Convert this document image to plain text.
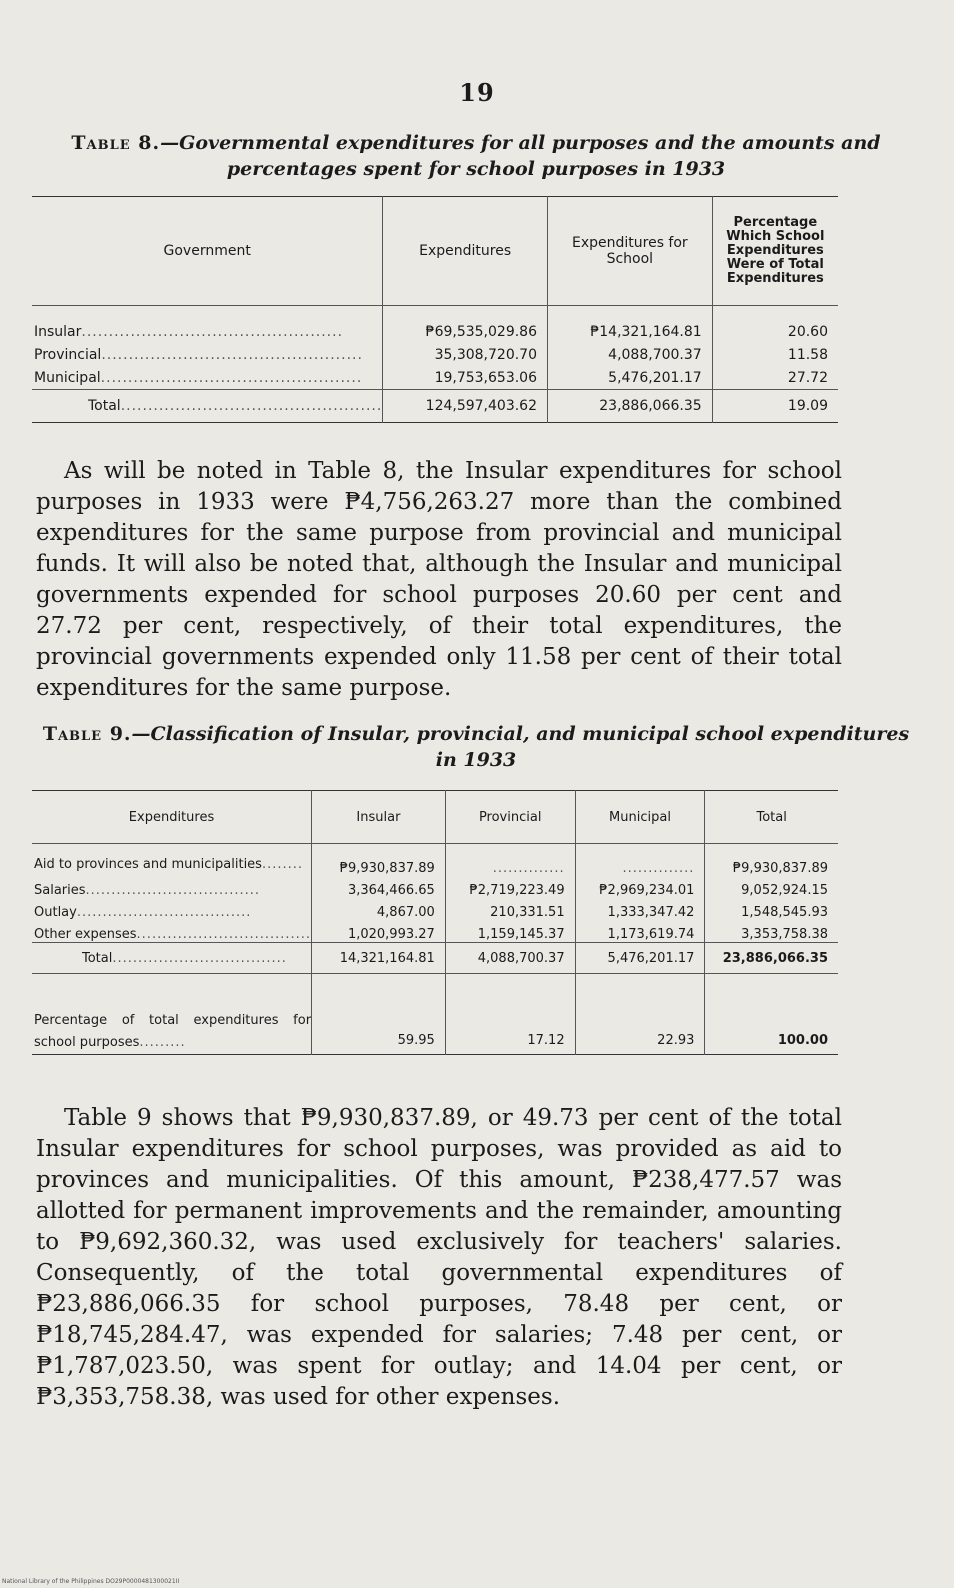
19
Table 8.—Governmental expenditures for all purposes and the amounts and percentages spent for school purposes in 1933
Government	Expenditures	Expenditures for School	Percentage Which School Expenditures Were of Total Expenditures
Insular................................................	₱69,535,029.86	₱14,321,164.81	20.60
Provincial................................................	35,308,720.70	4,088,700.37	11.58
Municipal................................................	19,753,653.06	5,476,201.17	27.72
Total................................................	124,597,403.62	23,886,066.35	19.09
As will be noted in Table 8, the Insular expenditures for school purposes in 1933 were ₱4,756,263.27 more than the combined expenditures for the same purpose from provincial and municipal funds. It will also be noted that, although the Insular and municipal governments expended for school purposes 20.60 per cent and 27.72 per cent, respectively, of their total expenditures, the provincial governments expended only 11.58 per cent of their total expenditures for the same purpose.
Table 9.—Classification of Insular, provincial, and municipal school expenditures in 1933
Expenditures	Insular	Provincial	Municipal	Total
Aid to provinces and municipalities........	₱9,930,837.89	..............	..............	₱9,930,837.89
Salaries..................................	3,364,466.65	₱2,719,223.49	₱2,969,234.01	9,052,924.15
Outlay..................................	4,867.00	210,331.51	1,333,347.42	1,548,545.93
Other expenses..................................	1,020,993.27	1,159,145.37	1,173,619.74	3,353,758.38
Total..................................	14,321,164.81	4,088,700.37	5,476,201.17	23,886,066.35
Percentage of total expenditures for school purposes.........	59.95	17.12	22.93	100.00
Table 9 shows that ₱9,930,837.89, or 49.73 per cent of the total Insular expenditures for school purposes, was provided as aid to provinces and municipalities. Of this amount, ₱238,477.57 was allotted for permanent improvements and the remainder, amounting to ₱9,692,360.32, was used exclusively for teachers' salaries. Consequently, of the total governmental expenditures of ₱23,886,066.35 for school purposes, 78.48 per cent, or ₱18,745,284.47, was expended for salaries; 7.48 per cent, or ₱1,787,023.50, was spent for outlay; and 14.04 per cent, or ₱3,353,758.38, was used for other expenses.
National Library of the Philippines DO29P0000481300021II
